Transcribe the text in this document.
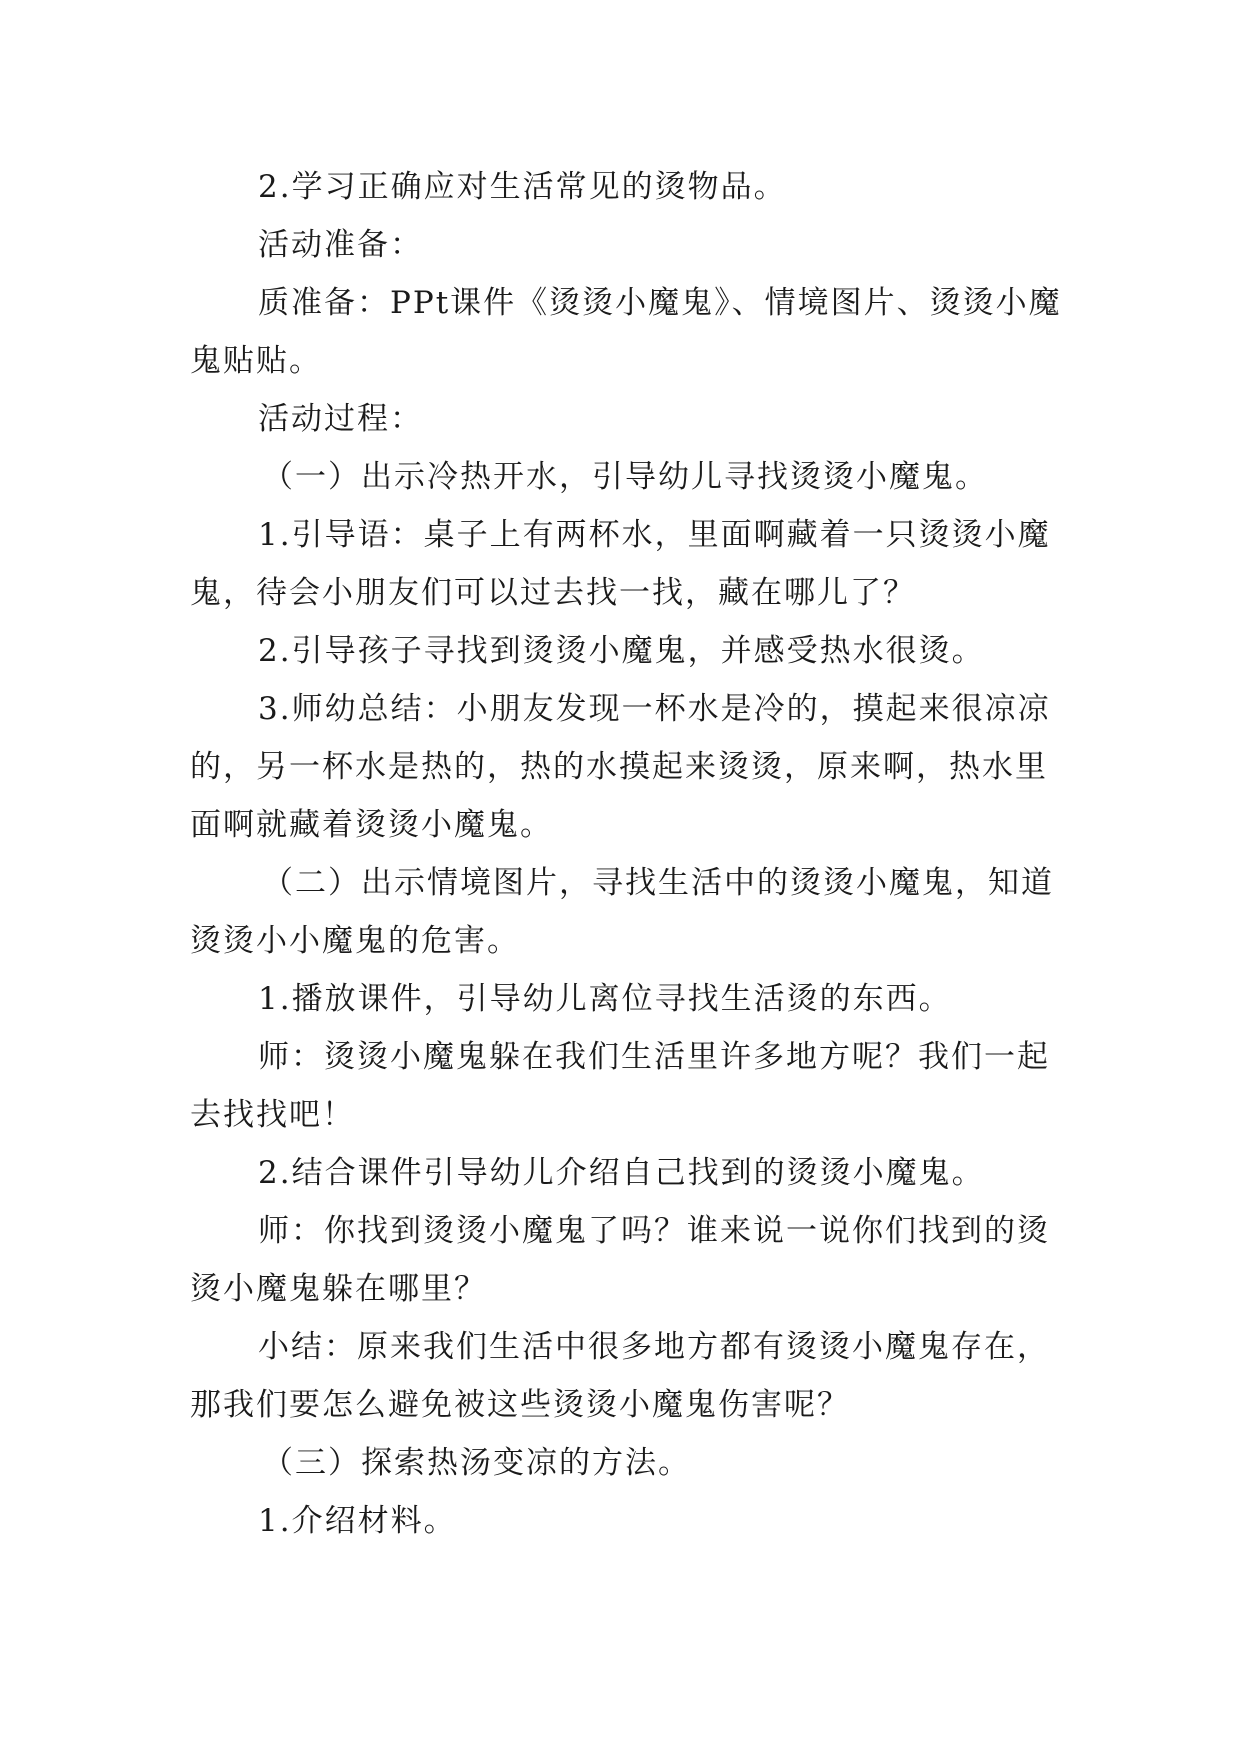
2.学习正确应对生活常见的烫物品。

活动准备：

质准备：PPt课件《烫烫小魔鬼》、情境图片、烫烫小魔

鬼贴贴。

活动过程：

（一）出示冷热开水，引导幼儿寻找烫烫小魔鬼。

1.引导语：桌子上有两杯水，里面啊藏着一只烫烫小魔

鬼，待会小朋友们可以过去找一找，藏在哪儿了？

2.引导孩子寻找到烫烫小魔鬼，并感受热水很烫。

3.师幼总结：小朋友发现一杯水是冷的，摸起来很凉凉

的，另一杯水是热的，热的水摸起来烫烫，原来啊，热水里

面啊就藏着烫烫小魔鬼。

（二）出示情境图片，寻找生活中的烫烫小魔鬼，知道

烫烫小小魔鬼的危害。

1.播放课件，引导幼儿离位寻找生活烫的东西。

师：烫烫小魔鬼躲在我们生活里许多地方呢？我们一起

去找找吧！

2.结合课件引导幼儿介绍自己找到的烫烫小魔鬼。

师：你找到烫烫小魔鬼了吗？谁来说一说你们找到的烫

烫小魔鬼躲在哪里？

小结：原来我们生活中很多地方都有烫烫小魔鬼存在，

那我们要怎么避免被这些烫烫小魔鬼伤害呢？

（三）探索热汤变凉的方法。

1.介绍材料。
